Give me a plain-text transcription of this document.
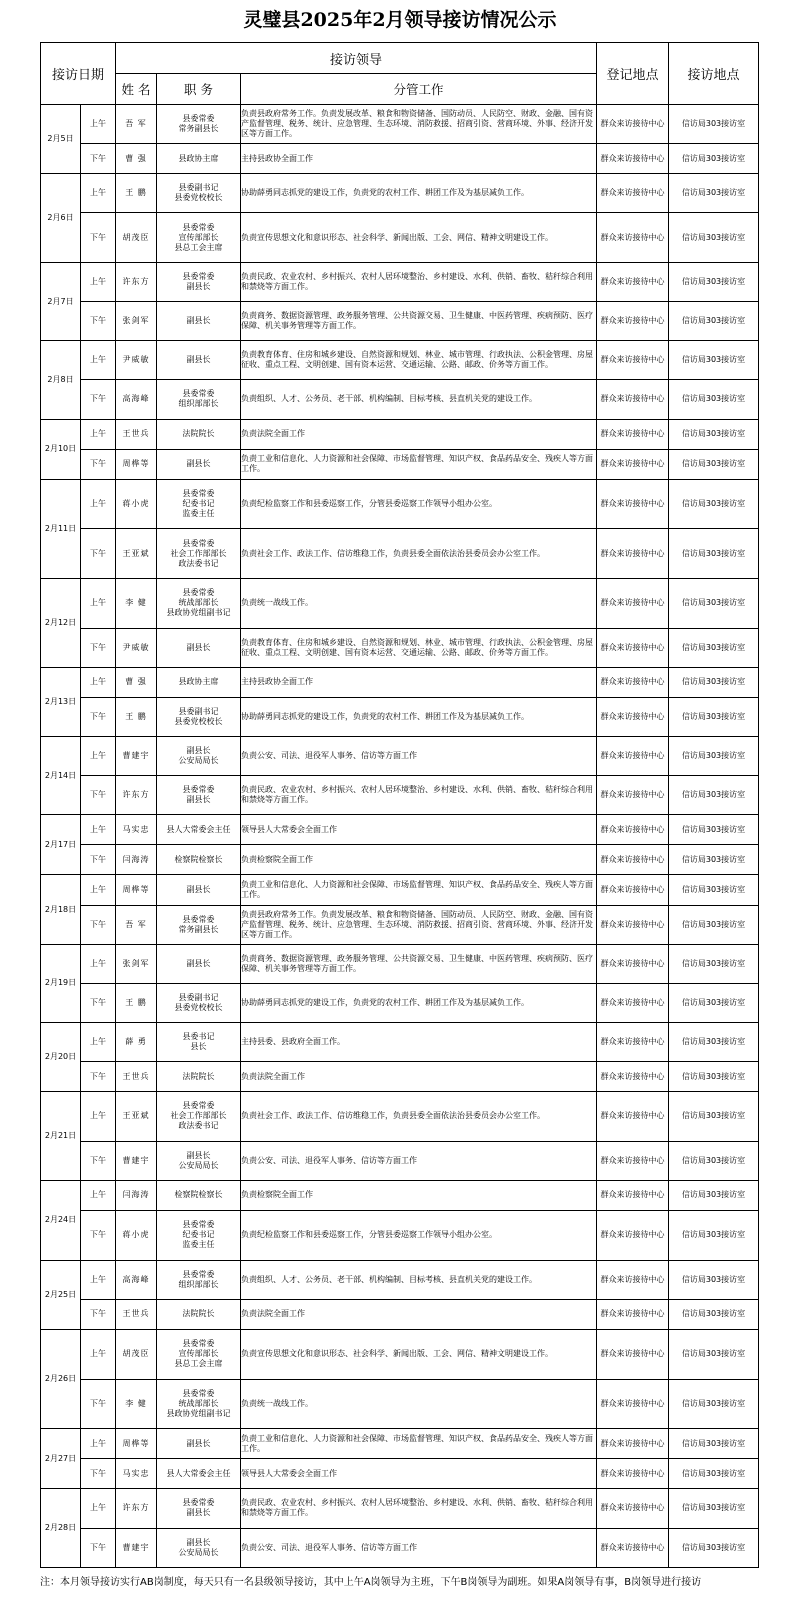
灵璧县2025年2月领导接访情况公示
接访日期		接访领导			登记地点	接访地点
		姓 名	职 务	分管工作		
2月5日	上午	吾 军	县委常委
常务副县长	负责县政府常务工作。负责发展改革、粮食和物资储备、国防动员、人民防空、财政、金融、国有资产监督管理、税务、统计、应急管理、生态环境、消防救援、招商引资、营商环境、外事、经济开发区等方面工作。	群众来访接待中心	信访局303接访室
	下午	曹 强	县政协主席	主持县政协全面工作	群众来访接待中心	信访局303接访室
2月6日	上午	王 鹏	县委副书记
县委党校校长	协助薛勇同志抓党的建设工作，负责党的农村工作、耕团工作及为基层减负工作。	群众来访接待中心	信访局303接访室
	下午	胡茂臣	县委常委
宣传部部长
县总工会主席	负责宣传思想文化和意识形态、社会科学、新闻出版、工会、网信、精神文明建设工作。	群众来访接待中心	信访局303接访室
2月7日	上午	许东方	县委常委
副县长	负责民政、农业农村、乡村振兴、农村人居环境整治、乡村建设、水利、供销、畜牧、秸秆综合利用和禁烧等方面工作。	群众来访接待中心	信访局303接访室
	下午	张剑军	副县长	负责商务、数据资源管理、政务服务管理、公共资源交易、卫生健康、中医药管理、疾病预防、医疗保障、机关事务管理等方面工作。	群众来访接待中心	信访局303接访室
2月8日	上午	尹威敏	副县长	负责教育体育、住房和城乡建设、自然资源和规划、林业、城市管理、行政执法、公积金管理、房屋征收、重点工程、文明创建、国有资本运营、交通运输、公路、邮政、价务等方面工作。	群众来访接待中心	信访局303接访室
	下午	高海峰	县委常委
组织部部长	负责组织、人才、公务员、老干部、机构编制、目标考核、县直机关党的建设工作。	群众来访接待中心	信访局303接访室
2月10日	上午	王世兵	法院院长	负责法院全面工作	群众来访接待中心	信访局303接访室
	下午	周桦等	副县长	负责工业和信息化、人力资源和社会保障、市场监督管理、知识产权、食品药品安全、残疾人等方面工作。	群众来访接待中心	信访局303接访室
2月11日	上午	蒋小虎	县委常委
纪委书记
监委主任	负责纪检监察工作和县委巡察工作，分管县委巡察工作领导小组办公室。	群众来访接待中心	信访局303接访室
	下午	王亚斌	县委常委
社会工作部部长
政法委书记	负责社会工作、政法工作、信访维稳工作，负责县委全面依法治县委员会办公室工作。	群众来访接待中心	信访局303接访室
2月12日	上午	李 健	县委常委
统战部部长
县政协党组副书记	负责统一战线工作。	群众来访接待中心	信访局303接访室
	下午	尹威敏	副县长	负责教育体育、住房和城乡建设、自然资源和规划、林业、城市管理、行政执法、公积金管理、房屋征收、重点工程、文明创建、国有资本运营、交通运输、公路、邮政、价务等方面工作。	群众来访接待中心	信访局303接访室
2月13日	上午	曹 强	县政协主席	主持县政协全面工作	群众来访接待中心	信访局303接访室
	下午	王 鹏	县委副书记
县委党校校长	协助薛勇同志抓党的建设工作，负责党的农村工作、耕团工作及为基层减负工作。	群众来访接待中心	信访局303接访室
2月14日	上午	曹建宇	副县长
公安局局长	负责公安、司法、退役军人事务、信访等方面工作	群众来访接待中心	信访局303接访室
	下午	许东方	县委常委
副县长	负责民政、农业农村、乡村振兴、农村人居环境整治、乡村建设、水利、供销、畜牧、秸秆综合利用和禁烧等方面工作。	群众来访接待中心	信访局303接访室
2月17日	上午	马实忠	县人大常委会主任	领导县人大常委会全面工作	群众来访接待中心	信访局303接访室
	下午	闫海涛	检察院检察长	负责检察院全面工作	群众来访接待中心	信访局303接访室
2月18日	上午	周桦等	副县长	负责工业和信息化、人力资源和社会保障、市场监督管理、知识产权、食品药品安全、残疾人等方面工作。	群众来访接待中心	信访局303接访室
	下午	吾 军	县委常委
常务副县长	负责县政府常务工作。负责发展改革、粮食和物资储备、国防动员、人民防空、财政、金融、国有资产监督管理、税务、统计、应急管理、生态环境、消防救援、招商引资、营商环境、外事、经济开发区等方面工作。	群众来访接待中心	信访局303接访室
2月19日	上午	张剑军	副县长	负责商务、数据资源管理、政务服务管理、公共资源交易、卫生健康、中医药管理、疾病预防、医疗保障、机关事务管理等方面工作。	群众来访接待中心	信访局303接访室
	下午	王 鹏	县委副书记
县委党校校长	协助薛勇同志抓党的建设工作，负责党的农村工作、耕团工作及为基层减负工作。	群众来访接待中心	信访局303接访室
2月20日	上午	薛 勇	县委书记
县长	主持县委、县政府全面工作。	群众来访接待中心	信访局303接访室
	下午	王世兵	法院院长	负责法院全面工作	群众来访接待中心	信访局303接访室
2月21日	上午	王亚斌	县委常委
社会工作部部长
政法委书记	负责社会工作、政法工作、信访维稳工作，负责县委全面依法治县委员会办公室工作。	群众来访接待中心	信访局303接访室
	下午	曹建宇	副县长
公安局局长	负责公安、司法、退役军人事务、信访等方面工作	群众来访接待中心	信访局303接访室
2月24日	上午	闫海涛	检察院检察长	负责检察院全面工作	群众来访接待中心	信访局303接访室
	下午	蒋小虎	县委常委
纪委书记
监委主任	负责纪检监察工作和县委巡察工作，分管县委巡察工作领导小组办公室。	群众来访接待中心	信访局303接访室
2月25日	上午	高海峰	县委常委
组织部部长	负责组织、人才、公务员、老干部、机构编制、目标考核、县直机关党的建设工作。	群众来访接待中心	信访局303接访室
	下午	王世兵	法院院长	负责法院全面工作	群众来访接待中心	信访局303接访室
2月26日	上午	胡茂臣	县委常委
宣传部部长
县总工会主席	负责宣传思想文化和意识形态、社会科学、新闻出版、工会、网信、精神文明建设工作。	群众来访接待中心	信访局303接访室
	下午	李 健	县委常委
统战部部长
县政协党组副书记	负责统一战线工作。	群众来访接待中心	信访局303接访室
2月27日	上午	周桦等	副县长	负责工业和信息化、人力资源和社会保障、市场监督管理、知识产权、食品药品安全、残疾人等方面工作。	群众来访接待中心	信访局303接访室
	下午	马实忠	县人大常委会主任	领导县人大常委会全面工作	群众来访接待中心	信访局303接访室
2月28日	上午	许东方	县委常委
副县长	负责民政、农业农村、乡村振兴、农村人居环境整治、乡村建设、水利、供销、畜牧、秸秆综合利用和禁烧等方面工作。	群众来访接待中心	信访局303接访室
	下午	曹建宇	副县长
公安局局长	负责公安、司法、退役军人事务、信访等方面工作	群众来访接待中心	信访局303接访室
注：本月领导接访实行AB岗制度，每天只有一名县级领导接访，其中上午A岗领导为主班，下午B岗领导为副班。如果A岗领导有事，B岗领导进行接访
